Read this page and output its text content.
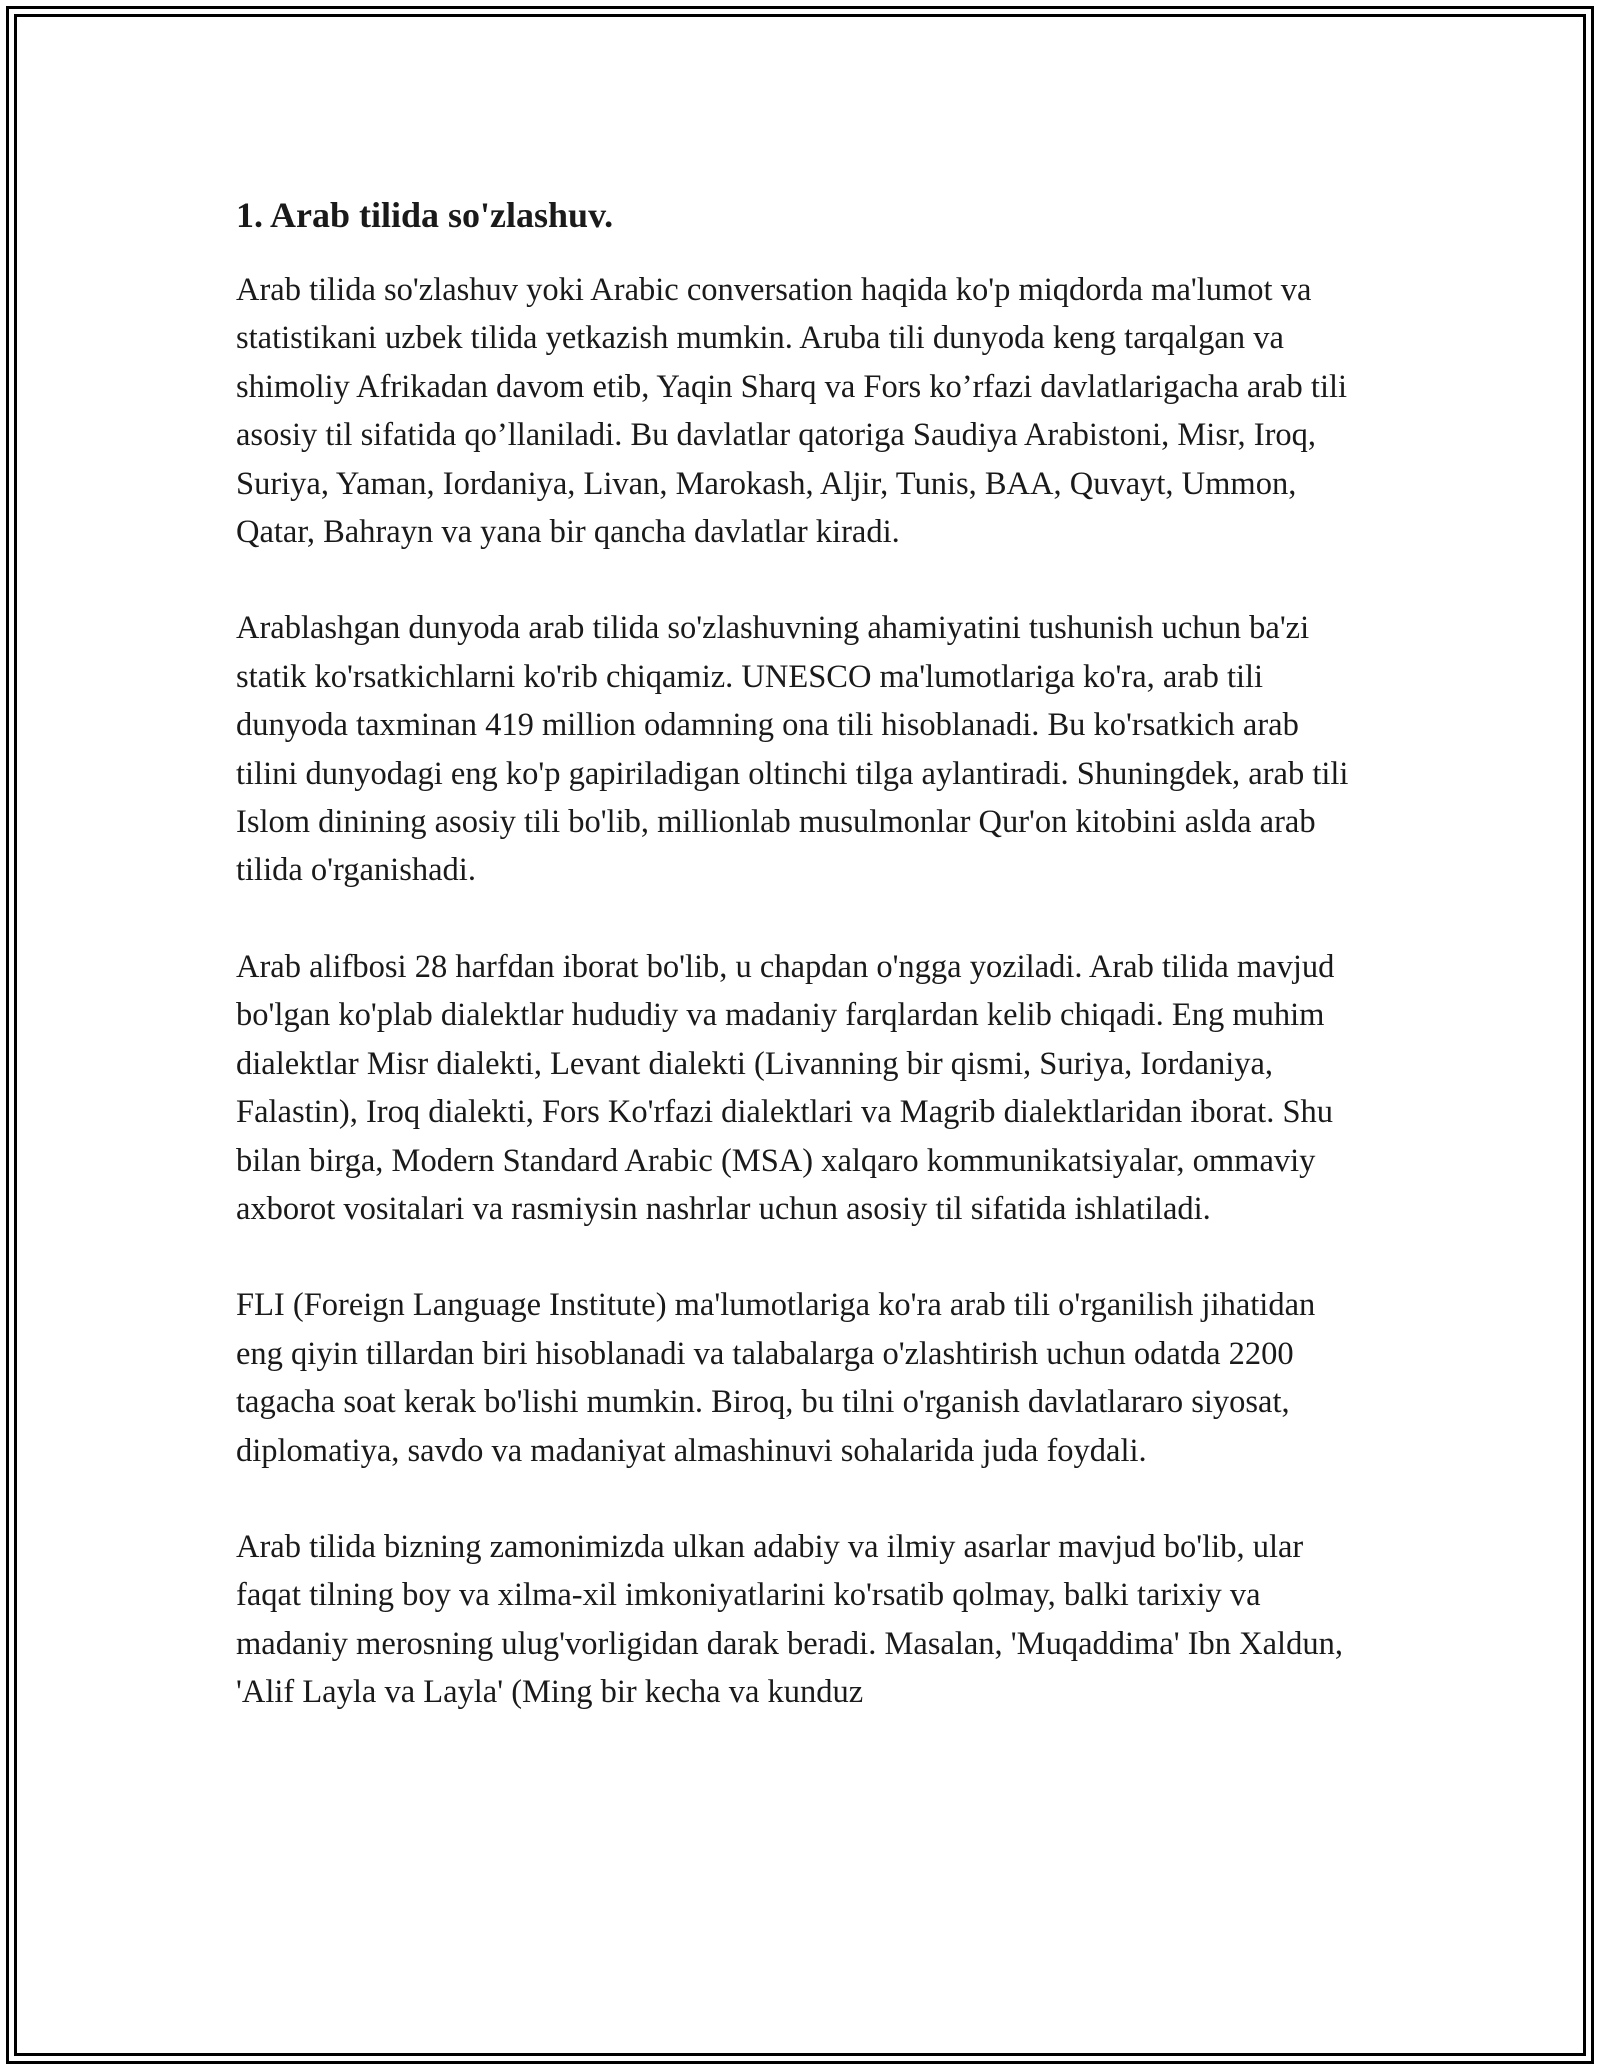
1. Arab tilida so'zlashuv.

Arab tilida so'zlashuv yoki Arabic conversation haqida ko'p miqdorda ma'lumot va statistikani uzbek tilida yetkazish mumkin. Aruba tili dunyoda keng tarqalgan va shimoliy Afrikadan davom etib, Yaqin Sharq va Fors ko’rfazi davlatlarigacha arab tili asosiy til sifatida qo’llaniladi. Bu davlatlar qatoriga Saudiya Arabistoni, Misr, Iroq, Suriya, Yaman, Iordaniya, Livan, Marokash, Aljir, Tunis, BAA, Quvayt, Ummon, Qatar, Bahrayn va yana bir qancha davlatlar kiradi.

Arablashgan dunyoda arab tilida so'zlashuvning ahamiyatini tushunish uchun ba'zi statik ko'rsatkichlarni ko'rib chiqamiz. UNESCO ma'lumotlariga ko'ra, arab tili dunyoda taxminan 419 million odamning ona tili hisoblanadi. Bu ko'rsatkich arab tilini dunyodagi eng ko'p gapiriladigan oltinchi tilga aylantiradi. Shuningdek, arab tili Islom dinining asosiy tili bo'lib, millionlab musulmonlar Qur'on kitobini aslda arab tilida o'rganishadi.

Arab alifbosi 28 harfdan iborat bo'lib, u chapdan o'ngga yoziladi. Arab tilida mavjud bo'lgan ko'plab dialektlar hududiy va madaniy farqlardan kelib chiqadi. Eng muhim dialektlar Misr dialekti, Levant dialekti (Livanning bir qismi, Suriya, Iordaniya, Falastin), Iroq dialekti, Fors Ko'rfazi dialektlari va Magrib dialektlaridan iborat. Shu bilan birga, Modern Standard Arabic (MSA) xalqaro kommunikatsiyalar, ommaviy axborot vositalari va rasmiysin nashrlar uchun asosiy til sifatida ishlatiladi.

FLI (Foreign Language Institute) ma'lumotlariga ko'ra arab tili o'rganilish jihatidan eng qiyin tillardan biri hisoblanadi va talabalarga o'zlashtirish uchun odatda 2200 tagacha soat kerak bo'lishi mumkin. Biroq, bu tilni o'rganish davlatlararo siyosat, diplomatiya, savdo va madaniyat almashinuvi sohalarida juda foydali.

Arab tilida bizning zamonimizda ulkan adabiy va ilmiy asarlar mavjud bo'lib, ular faqat tilning boy va xilma-xil imkoniyatlarini ko'rsatib qolmay, balki tarixiy va madaniy merosning ulug'vorligidan darak beradi. Masalan, 'Muqaddima' Ibn Xaldun, 'Alif Layla va Layla' (Ming bir kecha va kunduz
